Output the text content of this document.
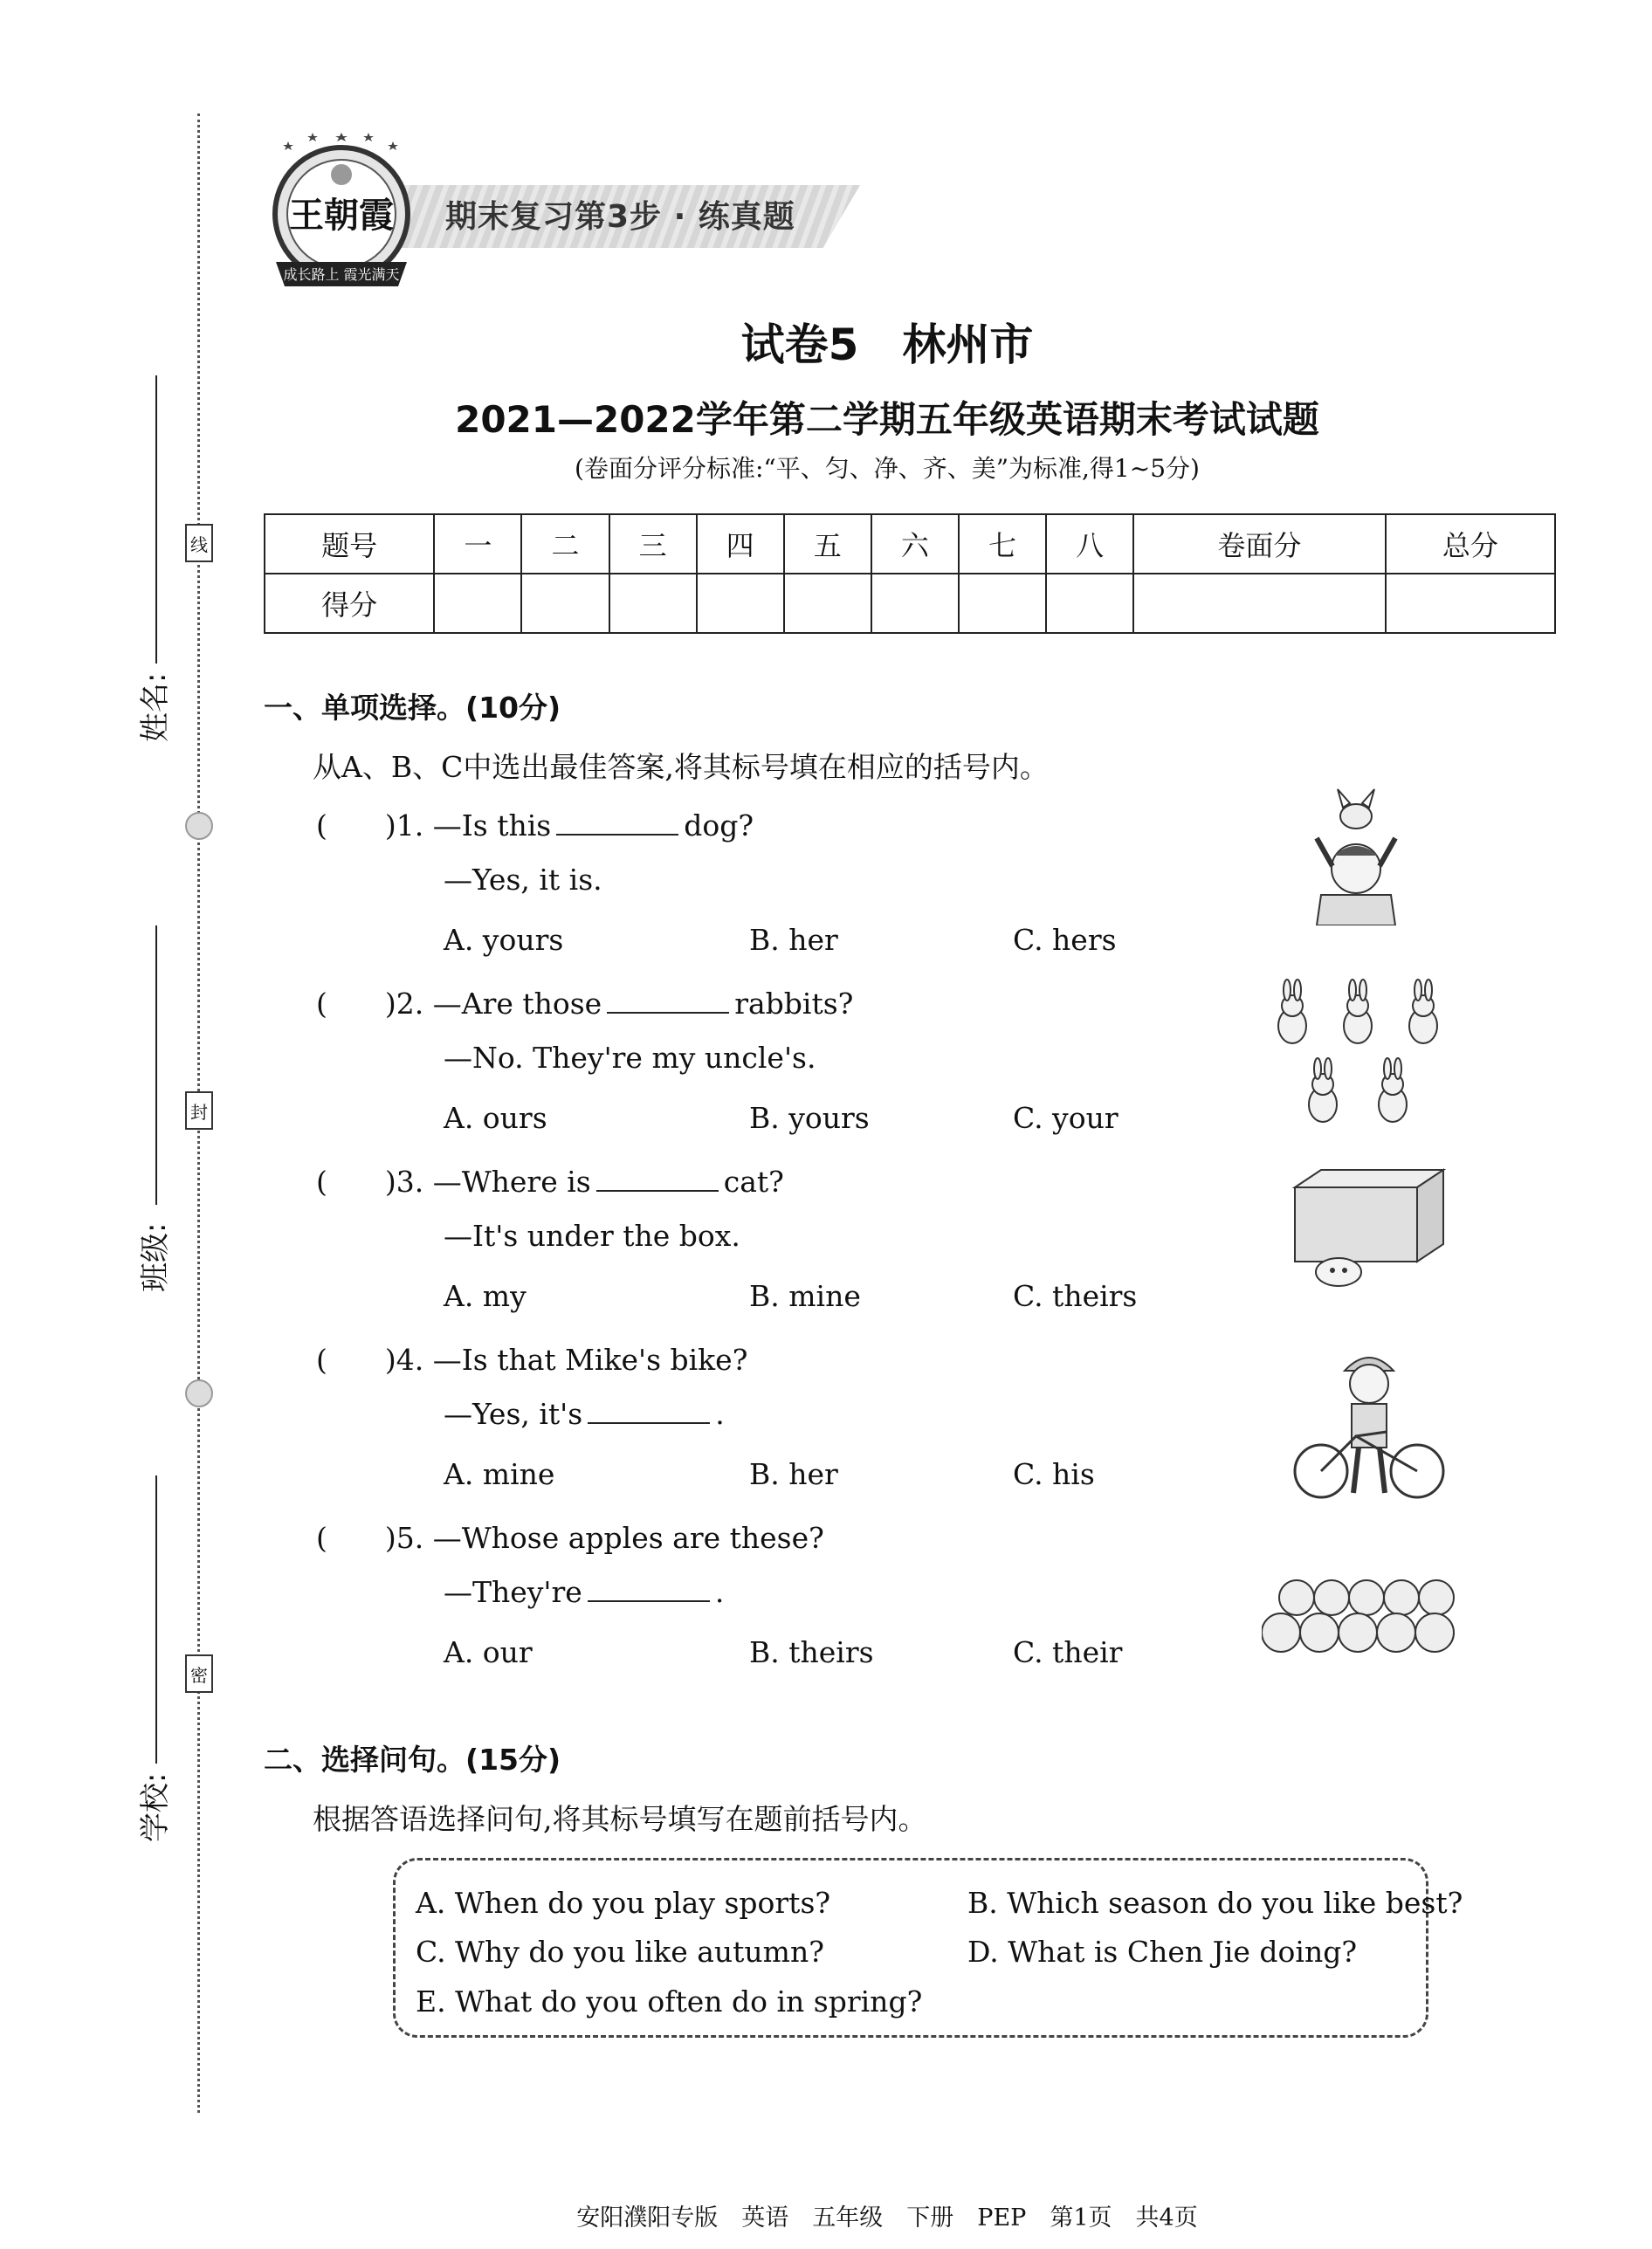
姓名:
班级:
学校:
线
封
密
期末复习第3步 · 练真题
成长路上 霞光满天
王朝霞
试卷5　林州市
2021—2022学年第二学期五年级英语期末考试试题
(卷面分评分标准:“平、匀、净、齐、美”为标准,得1~5分)
题号	一	二	三	四	五	六	七	八	卷面分	总分
得分										
一、单项选择。(10分)
从A、B、C中选出最佳答案,将其标号填在相应的括号内。
(　　)1. —Is this	dog?
—Yes, it is.
A. yours	B. her	C. hers
(　　)2. —Are those	rabbits?
—No. They're my uncle's.
A. ours	B. yours	C. your
(　　)3. —Where is	cat?
—It's under the box.
A. my	B. mine	C. theirs
(　　)4. —Is that Mike's bike?
—Yes, it's	.
A. mine	B. her	C. his
(　　)5. —Whose apples are these?
—They're	.
A. our	B. theirs	C. their
二、选择问句。(15分)
根据答语选择问句,将其标号填写在题前括号内。
A. When do you play sports?	B. Which season do you like best?
C. Why do you like autumn?	D. What is Chen Jie doing?
E. What do you often do in spring?
安阳濮阳专版　英语　五年级　下册　PEP　第1页　共4页
